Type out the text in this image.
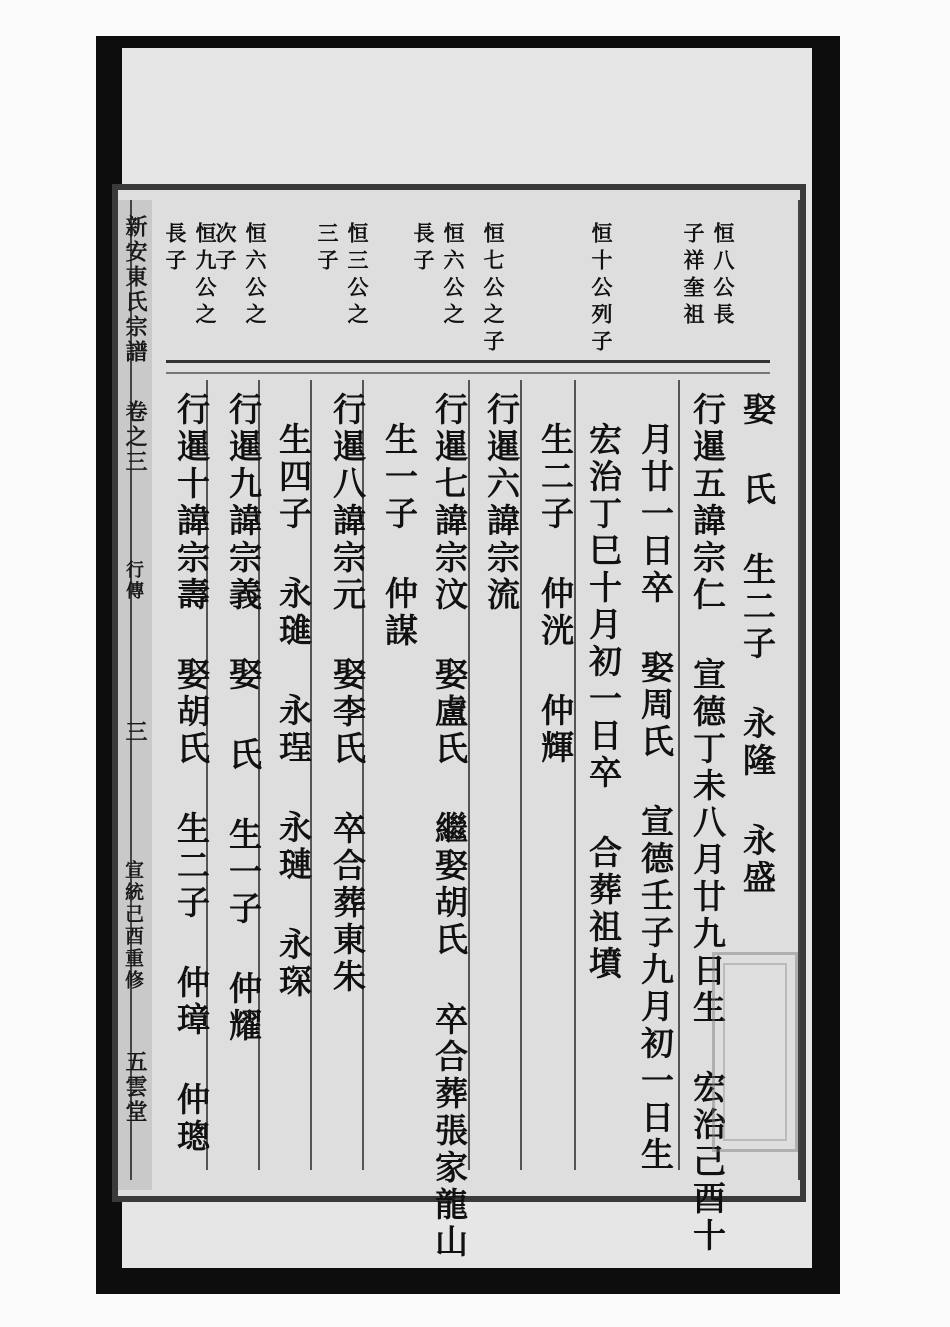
新安東氏宗譜
卷之三
行傳
三
宣統己酉重修
五雲堂
恒八公長子祥奎祖
恒十公列子
恒七公之子
恒六公之長子
恒三公之三子
恒六公之次子
恒九公之長子
娶 氏 生二子 永隆 永盛
行暹五諱宗仁 宣德丁未八月廿九日生 宏治己酉十
月廿一日卒 娶周氏 宣德壬子九月初一日生
宏治丁巳十月初一日卒 合葬祖墳
生二子 仲洸 仲輝
行暹六諱宗流
行暹七諱宗汶 娶盧氏 繼娶胡氏 卒合葬張家龍山
生一子 仲謀
行暹八諱宗元 娶李氏 卒合葬東朱
生四子 永璡 永珵 永璉 永琛
行暹九諱宗義 娶 氏 生一子 仲耀
行暹十諱宗壽 娶胡氏 生二子 仲璋 仲璁
